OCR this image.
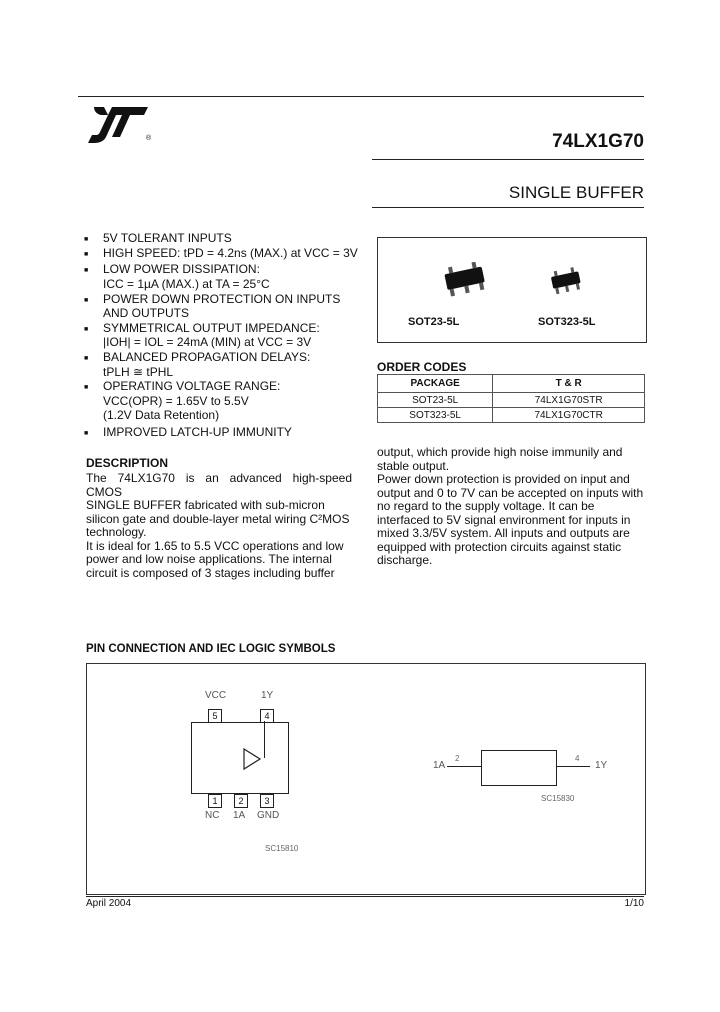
®	74LX1G70
SINGLE BUFFER
■ 5V TOLERANT INPUTS
■ HIGH SPEED: tPD = 4.2ns (MAX.) at VCC = 3V
■ LOW POWER DISSIPATION:
ICC = 1µA (MAX.) at TA = 25°C
■ POWER DOWN PROTECTION ON INPUTS
AND OUTPUTS
■ SYMMETRICAL OUTPUT IMPEDANCE:
|IOH| = IOL = 24mA (MIN) at VCC = 3V
■ BALANCED PROPAGATION DELAYS:
tPLH ≅ tPHL
■ OPERATING VOLTAGE RANGE:
VCC(OPR) = 1.65V to 5.5V
(1.2V Data Retention)
■ IMPROVED LATCH-UP IMMUNITY
SOT23-5L	SOT323-5L
ORDER CODES
PACKAGE	T & R
SOT23-5L	74LX1G70STR
SOT323-5L	74LX1G70CTR
DESCRIPTION
The 74LX1G70 is an advanced high-speed CMOS
SINGLE BUFFER fabricated with sub-micron
silicon gate and double-layer metal wiring C²MOS
technology.
It is ideal for 1.65 to 5.5 VCC operations and low
power and low noise applications. The internal
circuit is composed of 3 stages including buffer
output, which provide high noise immunily and
stable output.
Power down protection is provided on input and
output and 0 to 7V can be accepted on inputs with
no regard to the supply voltage. It can be
interfaced to 5V signal environment for inputs in
mixed 3.3/5V system. All inputs and outputs are
equipped with protection circuits against static
discharge.
PIN CONNECTION AND IEC LOGIC SYMBOLS
VCC	1Y
5	4
1	2	3
NC 1A GND
SC15810
1A
2	4
1Y
SC15830
April 2004	1/10
